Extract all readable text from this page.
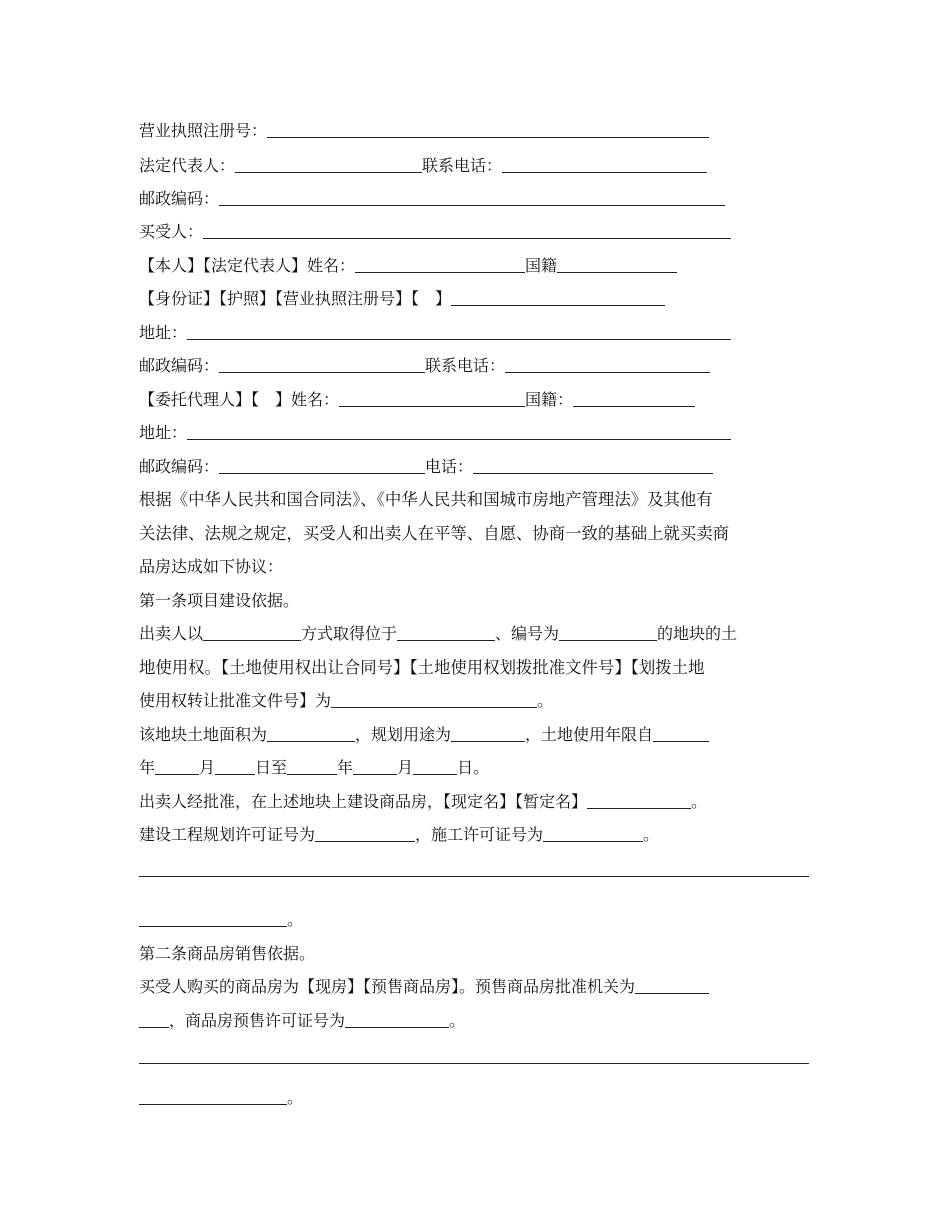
营业执照注册号：
法定代表人：	联系电话：
邮政编码：
买受人：
【本人】【法定代表人】姓名：	国籍
【身份证】【护照】【营业执照注册号】【　】
地址：
邮政编码：	联系电话：
【委托代理人】【　】姓名：	国籍：
地址：
邮政编码：	电话：
根据《中华人民共和国合同法》、《中华人民共和国城市房地产管理法》及其他有
关法律、法规之规定，买受人和出卖人在平等、自愿、协商一致的基础上就买卖商
品房达成如下协议：
第一条项目建设依据。
出卖人以	方式取得位于	、编号为	的地块的土
地使用权。【土地使用权出让合同号】【土地使用权划拨批准文件号】【划拨土地
使用权转让批准文件号】为	。
该地块土地面积为	，规划用途为	，土地使用年限自
年	月	日至	年	月	日。
出卖人经批准，在上述地块上建设商品房，【现定名】【暂定名】	。
建设工程规划许可证号为	，施工许可证号为	。
。
第二条商品房销售依据。
买受人购买的商品房为【现房】【预售商品房】。预售商品房批准机关为
，商品房预售许可证号为	。
。
